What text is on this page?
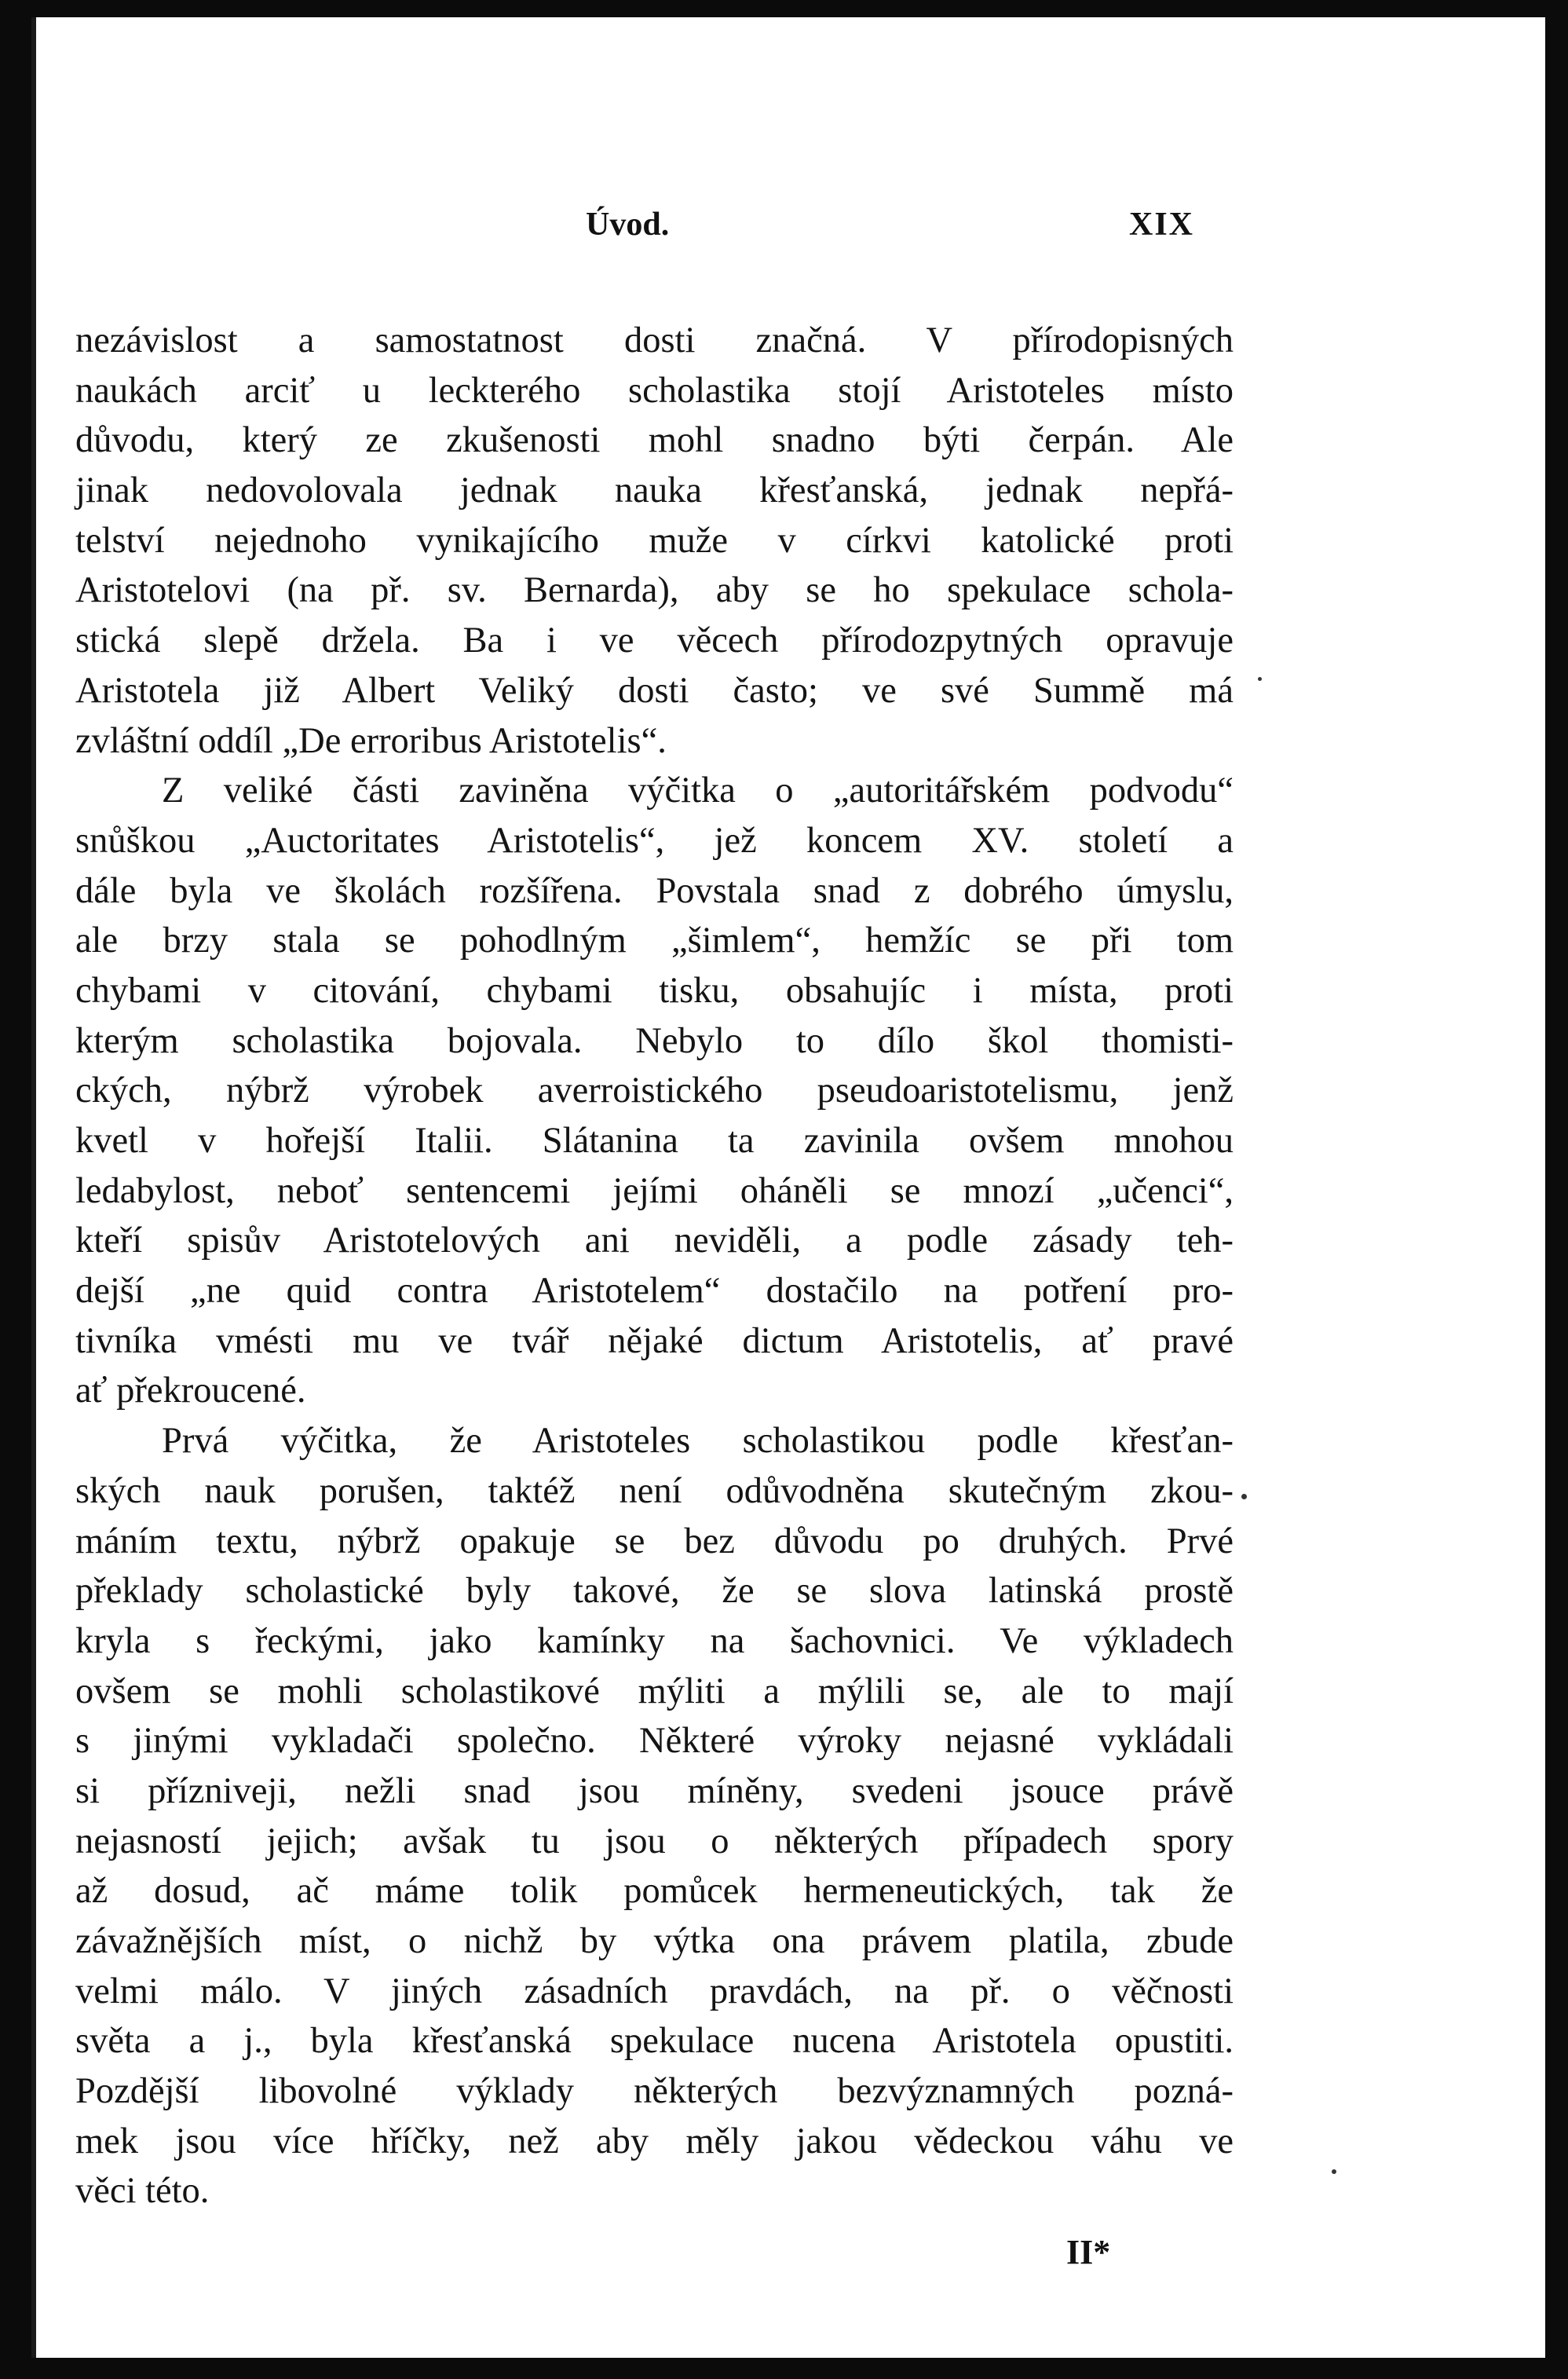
Úvod.	XIX
nezávislost a samostatnost dosti značná. V přírodopisných
naukách arciť u leckterého scholastika stojí Aristoteles místo
důvodu, který ze zkušenosti mohl snadno býti čerpán. Ale
jinak nedovolovala jednak nauka křesťanská, jednak nepřá-
telství nejednoho vynikajícího muže v církvi katolické proti
Aristotelovi (na př. sv. Bernarda), aby se ho spekulace schola-
stická slepě držela. Ba i ve věcech přírodozpytných opravuje
Aristotela již Albert Veliký dosti často; ve své Summě má
zvláštní oddíl „De erroribus Aristotelis“.
Z veliké části zaviněna výčitka o „autoritářském podvodu“
snůškou „Auctoritates Aristotelis“, jež koncem XV. století a
dále byla ve školách rozšířena. Povstala snad z dobrého úmyslu,
ale brzy stala se pohodlným „šimlem“, hemžíc se při tom
chybami v citování, chybami tisku, obsahujíc i místa, proti
kterým scholastika bojovala. Nebylo to dílo škol thomisti-
ckých, nýbrž výrobek averroistického pseudoaristotelismu, jenž
kvetl v hořejší Italii. Slátanina ta zavinila ovšem mnohou
ledabylost, neboť sentencemi jejími oháněli se mnozí „učenci“,
kteří spisův Aristotelových ani neviděli, a podle zásady teh-
dejší „ne quid contra Aristotelem“ dostačilo na potření pro-
tivníka vmésti mu ve tvář nějaké dictum Aristotelis, ať pravé
ať překroucené.
Prvá výčitka, že Aristoteles scholastikou podle křesťan-
ských nauk porušen, taktéž není odůvodněna skutečným zkou-
máním textu, nýbrž opakuje se bez důvodu po druhých. Prvé
překlady scholastické byly takové, že se slova latinská prostě
kryla s řeckými, jako kamínky na šachovnici. Ve výkladech
ovšem se mohli scholastikové mýliti a mýlili se, ale to mají
s jinými vykladači společno. Některé výroky nejasné vykládali
si přízniveji, nežli snad jsou míněny, svedeni jsouce právě
nejasností jejich; avšak tu jsou o některých případech spory
až dosud, ač máme tolik pomůcek hermeneutických, tak že
závažnějších míst, o nichž by výtka ona právem platila, zbude
velmi málo. V jiných zásadních pravdách, na př. o věčnosti
světa a j., byla křesťanská spekulace nucena Aristotela opustiti.
Pozdější libovolné výklady některých bezvýznamných pozná-
mek jsou více hříčky, než aby měly jakou vědeckou váhu ve
věci této.
II*
